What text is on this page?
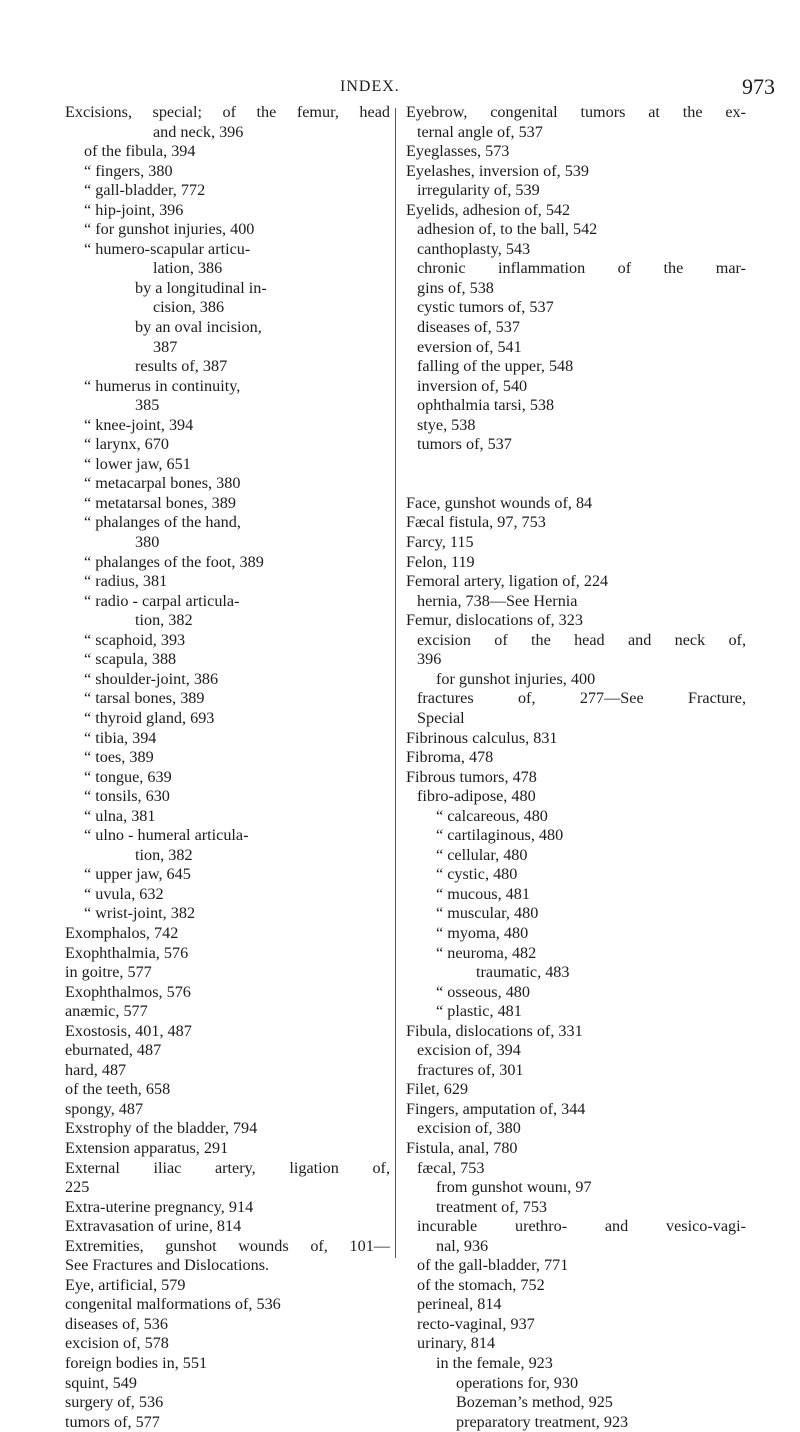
INDEX.	973
Excisions, special; of the femur, head
and neck, 396
of the fibula, 394
“ fingers, 380
“ gall-bladder, 772
“ hip-joint, 396
“ for gunshot injuries, 400
“ humero-scapular articu-
lation, 386
by a longitudinal in-
cision, 386
by an oval incision,
387
results of, 387
“ humerus in continuity,
385
“ knee-joint, 394
“ larynx, 670
“ lower jaw, 651
“ metacarpal bones, 380
“ metatarsal bones, 389
“ phalanges of the hand,
380
“ phalanges of the foot, 389
“ radius, 381
“ radio - carpal articula-
tion, 382
“ scaphoid, 393
“ scapula, 388
“ shoulder-joint, 386
“ tarsal bones, 389
“ thyroid gland, 693
“ tibia, 394
“ toes, 389
“ tongue, 639
“ tonsils, 630
“ ulna, 381
“ ulno - humeral articula-
tion, 382
“ upper jaw, 645
“ uvula, 632
“ wrist-joint, 382
Exomphalos, 742
Exophthalmia, 576
in goitre, 577
Exophthalmos, 576
anæmic, 577
Exostosis, 401, 487
eburnated, 487
hard, 487
of the teeth, 658
spongy, 487
Exstrophy of the bladder, 794
Extension apparatus, 291
External iliac artery, ligation of,
225
Extra-uterine pregnancy, 914
Extravasation of urine, 814
Extremities, gunshot wounds of, 101—
See Fractures and Dislocations.
Eye, artificial, 579
congenital malformations of, 536
diseases of, 536
excision of, 578
foreign bodies in, 551
squint, 549
surgery of, 536
tumors of, 577
Eyebrow, congenital tumors at the ex-
ternal angle of, 537
Eyeglasses, 573
Eyelashes, inversion of, 539
irregularity of, 539
Eyelids, adhesion of, 542
adhesion of, to the ball, 542
canthoplasty, 543
chronic inflammation of the mar-
gins of, 538
cystic tumors of, 537
diseases of, 537
eversion of, 541
falling of the upper, 548
inversion of, 540
ophthalmia tarsi, 538
stye, 538
tumors of, 537
Face, gunshot wounds of, 84
Fæcal fistula, 97, 753
Farcy, 115
Felon, 119
Femoral artery, ligation of, 224
hernia, 738—See Hernia
Femur, dislocations of, 323
excision of the head and neck of,
396
for gunshot injuries, 400
fractures of, 277—See Fracture,
Special
Fibrinous calculus, 831
Fibroma, 478
Fibrous tumors, 478
fibro-adipose, 480
“ calcareous, 480
“ cartilaginous, 480
“ cellular, 480
“ cystic, 480
“ mucous, 481
“ muscular, 480
“ myoma, 480
“ neuroma, 482
traumatic, 483
“ osseous, 480
“ plastic, 481
Fibula, dislocations of, 331
excision of, 394
fractures of, 301
Filet, 629
Fingers, amputation of, 344
excision of, 380
Fistula, anal, 780
fæcal, 753
from gunshot wounı, 97
treatment of, 753
incurable urethro- and vesico-vagi-
nal, 936
of the gall-bladder, 771
of the stomach, 752
perineal, 814
recto-vaginal, 937
urinary, 814
in the female, 923
operations for, 930
Bozeman’s method, 925
preparatory treatment, 923
